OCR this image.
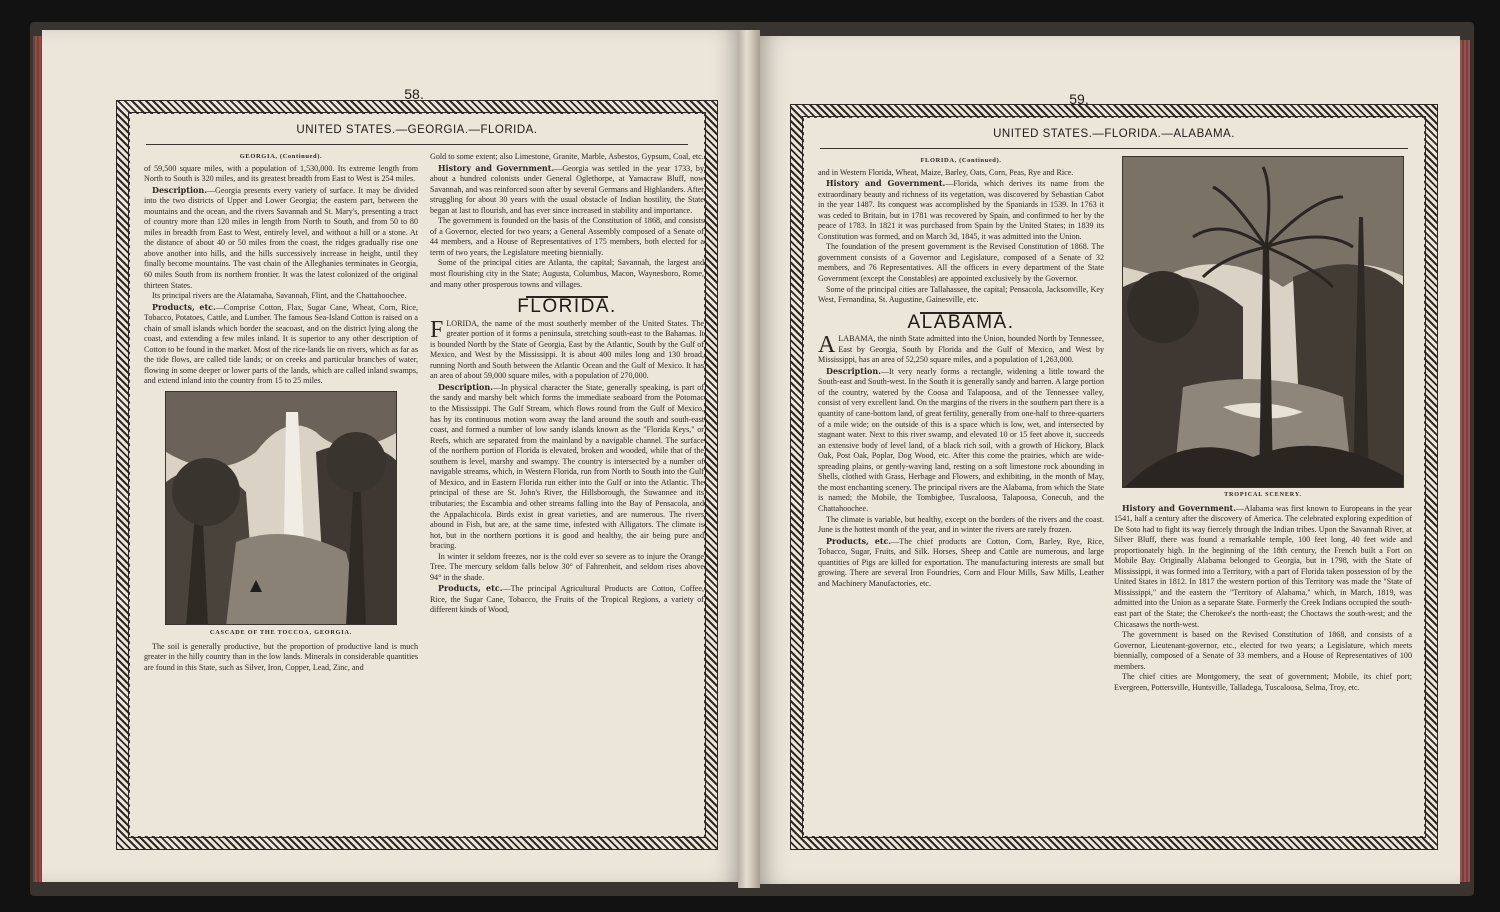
58.
UNITED STATES.—GEORGIA.—FLORIDA.
GEORGIA, (Continued).

of 59,500 square miles, with a population of 1,530,000. Its extreme length from North to South is 320 miles, and its greatest breadth from East to West is 254 miles.

Description.—Georgia presents every variety of surface. It may be divided into the two districts of Upper and Lower Georgia; the eastern part, between the mountains and the ocean, and the rivers Savannah and St. Mary's, presenting a tract of country more than 120 miles in length from North to South, and from 50 to 80 miles in breadth from East to West, entirely level, and without a hill or a stone. At the distance of about 40 or 50 miles from the coast, the ridges gradually rise one above another into hills, and the hills successively increase in height, until they finally become mountains. The vast chain of the Alleghanies terminates in Georgia, 60 miles South from its northern frontier. It was the latest colonized of the original thirteen States.

Its principal rivers are the Alatamaha, Savannah, Flint, and the Chattahoochee.

Products, etc.—Comprise Cotton, Flax, Sugar Cane, Wheat, Corn, Rice, Tobacco, Potatoes, Cattle, and Lumber. The famous Sea-Island Cotton is raised on a chain of small islands which border the seacoast, and on the district lying along the coast, and extending a few miles inland. It is superior to any other description of Cotton to be found in the market. Most of the rice-lands lie on rivers, which as far as the tide flows, are called tide lands; or on creeks and particular branches of water, flowing in some deeper or lower parts of the lands, which are called inland swamps, and extend inland into the country from 15 to 25 miles.

CASCADE OF THE TOCCOA, GEORGIA.

The soil is generally productive, but the proportion of productive land is much greater in the hilly country than in the low lands. Minerals in considerable quantities are found in this State, such as Silver, Iron, Copper, Lead, Zinc, and

Gold to some extent; also Limestone, Granite, Marble, Asbestos, Gypsum, Coal, etc.

History and Government.—Georgia was settled in the year 1733, by about a hundred colonists under General Oglethorpe, at Yamacraw Bluff, now Savannah, and was reinforced soon after by several Germans and Highlanders. After struggling for about 30 years with the usual obstacle of Indian hostility, the State began at last to flourish, and has ever since increased in stability and importance.

The government is founded on the basis of the Constitution of 1868, and consists of a Governor, elected for two years; a General Assembly composed of a Senate of 44 members, and a House of Representatives of 175 members, both elected for a term of two years, the Legislature meeting biennially.

Some of the principal cities are Atlanta, the capital; Savannah, the largest and most flourishing city in the State; Augusta, Columbus, Macon, Waynesboro, Rome, and many other prosperous towns and villages.

FLORIDA.

FLORIDA, the name of the most southerly member of the United States. The greater portion of it forms a peninsula, stretching south-east to the Bahamas. It is bounded North by the State of Georgia, East by the Atlantic, South by the Gulf of Mexico, and West by the Mississippi. It is about 400 miles long and 130 broad, running North and South between the Atlantic Ocean and the Gulf of Mexico. It has an area of about 59,000 square miles, with a population of 270,000.

Description.—In physical character the State, generally speaking, is part of the sandy and marshy belt which forms the immediate seaboard from the Potomac to the Mississippi. The Gulf Stream, which flows round from the Gulf of Mexico, has by its continuous motion worn away the land around the south and south-east coast, and formed a number of low sandy islands known as the "Florida Keys," or Reefs, which are separated from the mainland by a navigable channel. The surface of the northern portion of Florida is elevated, broken and wooded, while that of the southern is level, marshy and swampy. The country is intersected by a number of navigable streams, which, in Western Florida, run from North to South into the Gulf of Mexico, and in Eastern Florida run either into the Gulf or into the Atlantic. The principal of these are St. John's River, the Hillsborough, the Suwannee and its tributaries; the Escambia and other streams falling into the Bay of Pensacola, and the Appalachicola. Birds exist in great varieties, and are numerous. The rivers abound in Fish, but are, at the same time, infested with Alligators. The climate is hot, but in the northern portions it is good and healthy, the air being pure and bracing.

In winter it seldom freezes, nor is the cold ever so severe as to injure the Orange Tree. The mercury seldom falls below 30° of Fahrenheit, and seldom rises above 94° in the shade.

Products, etc.—The principal Agricultural Products are Cotton, Coffee, Rice, the Sugar Cane, Tobacco, the Fruits of the Tropical Regions, a variety of different kinds of Wood,

59.
UNITED STATES.—FLORIDA.—ALABAMA.
FLORIDA, (Continued).

and in Western Florida, Wheat, Maize, Barley, Oats, Corn, Peas, Rye and Rice.

History and Government.—Florida, which derives its name from the extraordinary beauty and richness of its vegetation, was discovered by Sebastian Cabot in the year 1487. Its conquest was accomplished by the Spaniards in 1539. In 1763 it was ceded to Britain, but in 1781 was recovered by Spain, and confirmed to her by the peace of 1783. In 1821 it was purchased from Spain by the United States; in 1839 its Constitution was formed, and on March 3d, 1845, it was admitted into the Union.

The foundation of the present government is the Revised Constitution of 1868. The government consists of a Governor and Legislature, composed of a Senate of 32 members, and 76 Representatives. All the officers in every department of the State Government (except the Constables) are appointed exclusively by the Governor.

Some of the principal cities are Tallahassee, the capital; Pensacola, Jacksonville, Key West, Fernandina, St. Augustine, Gainesville, etc.

ALABAMA.

ALABAMA, the ninth State admitted into the Union, bounded North by Tennessee, East by Georgia, South by Florida and the Gulf of Mexico, and West by Mississippi, has an area of 52,250 square miles, and a population of 1,263,000.

Description.—It very nearly forms a rectangle, widening a little toward the South-east and South-west. In the South it is generally sandy and barren. A large portion of the country, watered by the Coosa and Talapoosa, and of the Tennessee valley, consist of very excellent land. On the margins of the rivers in the southern part there is a quantity of cane-bottom land, of great fertility, generally from one-half to three-quarters of a mile wide; on the outside of this is a space which is low, wet, and intersected by stagnant water. Next to this river swamp, and elevated 10 or 15 feet above it, succeeds an extensive body of level land, of a black rich soil, with a growth of Hickory, Black Oak, Post Oak, Poplar, Dog Wood, etc. After this come the prairies, which are wide-spreading plains, or gently-waving land, resting on a soft limestone rock abounding in Shells, clothed with Grass, Herbage and Flowers, and exhibiting, in the month of May, the most enchanting scenery. The principal rivers are the Alabama, from which the State is named; the Mobile, the Tombigbee, Tuscaloosa, Talapoosa, Conecuh, and the Chattahoochee.

The climate is variable, but healthy, except on the borders of the rivers and the coast. June is the hottest month of the year, and in winter the rivers are rarely frozen.

Products, etc.—The chief products are Cotton, Corn, Barley, Rye, Rice, Tobacco, Sugar, Fruits, and Silk. Horses, Sheep and Cattle are numerous, and large quantities of Pigs are killed for exportation. The manufacturing interests are small but growing. There are several Iron Foundries, Corn and Flour Mills, Saw Mills, Leather and Machinery Manufactories, etc.

TROPICAL SCENERY.

History and Government.—Alabama was first known to Europeans in the year 1541, half a century after the discovery of America. The celebrated exploring expedition of De Soto had to fight its way fiercely through the Indian tribes. Upon the Savannah River, at Silver Bluff, there was found a remarkable temple, 100 feet long, 40 feet wide and proportionately high. In the beginning of the 18th century, the French built a Fort on Mobile Bay. Originally Alabama belonged to Georgia, but in 1798, with the State of Mississippi, it was formed into a Territory, with a part of Florida taken possession of by the United States in 1812. In 1817 the western portion of this Territory was made the "State of Mississippi," and the eastern the "Territory of Alabama," which, in March, 1819, was admitted into the Union as a separate State. Formerly the Creek Indians occupied the south-east part of the State; the Cherokee's the north-east; the Choctaws the south-west; and the Chicasaws the north-west.

The government is based on the Revised Constitution of 1868, and consists of a Governor, Lieutenant-governor, etc., elected for two years; a Legislature, which meets biennially, composed of a Senate of 33 members, and a House of Representatives of 100 members.

The chief cities are Montgomery, the seat of government; Mobile, its chief port; Evergreen, Pottersville, Huntsville, Talladega, Tuscaloosa, Selma, Troy, etc.
